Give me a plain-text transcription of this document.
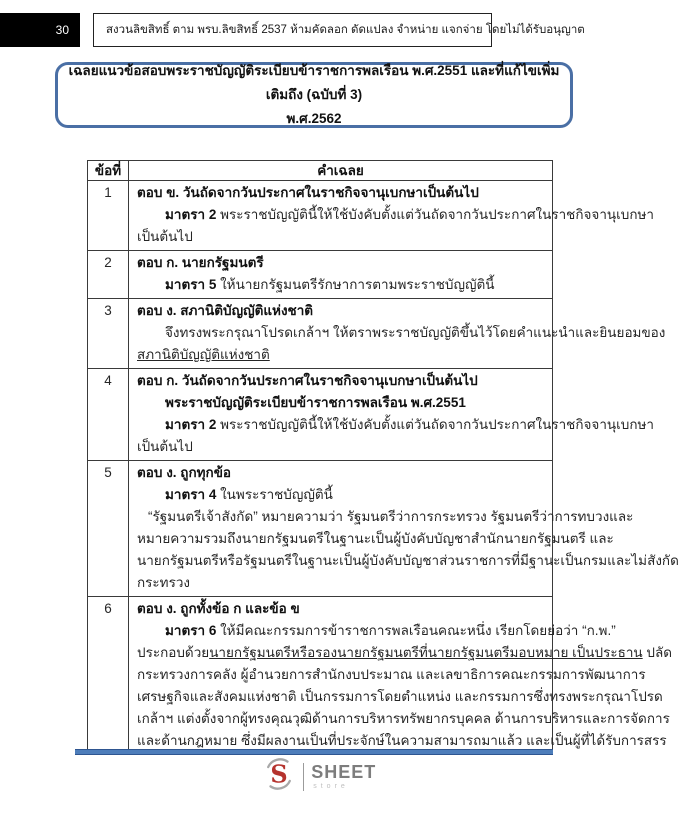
30	สงวนลิขสิทธิ์ ตาม พรบ.ลิขสิทธิ์ 2537 ห้ามคัดลอก ดัดแปลง จำหน่าย แจกจ่าย โดยไม่ได้รับอนุญาต
เฉลยแนวข้อสอบพระราชบัญญัติระเบียบข้าราชการพลเรือน พ.ศ.2551 และที่แก้ไขเพิ่มเติมถึง (ฉบับที่ 3)
พ.ศ.2562
ข้อที่	คำเฉลย
1	ตอบ ข. วันถัดจากวันประกาศในราชกิจจานุเบกษาเป็นต้นไป
มาตรา 2 พระราชบัญญัตินี้ให้ใช้บังคับตั้งแต่วันถัดจากวันประกาศในราชกิจจานุเบกษา
เป็นต้นไป

2	ตอบ ก. นายกรัฐมนตรี
มาตรา 5 ให้นายกรัฐมนตรีรักษาการตามพระราชบัญญัตินี้

3	ตอบ ง. สภานิติบัญญัติแห่งชาติ
จึงทรงพระกรุณาโปรดเกล้าฯ ให้ตราพระราชบัญญัติขึ้นไว้โดยคำแนะนำและยินยอมของ
สภานิติบัญญัติแห่งชาติ

4	ตอบ ก. วันถัดจากวันประกาศในราชกิจจานุเบกษาเป็นต้นไป
พระราชบัญญัติระเบียบข้าราชการพลเรือน พ.ศ.2551
มาตรา 2 พระราชบัญญัตินี้ให้ใช้บังคับตั้งแต่วันถัดจากวันประกาศในราชกิจจานุเบกษา
เป็นต้นไป

5	ตอบ ง. ถูกทุกข้อ
มาตรา 4 ในพระราชบัญญัตินี้
“รัฐมนตรีเจ้าสังกัด” หมายความว่า รัฐมนตรีว่าการกระทรวง รัฐมนตรีว่าการทบวงและ
หมายความรวมถึงนายกรัฐมนตรีในฐานะเป็นผู้บังคับบัญชาสำนักนายกรัฐมนตรี และ
นายกรัฐมนตรีหรือรัฐมนตรีในฐานะเป็นผู้บังคับบัญชาส่วนราชการที่มีฐานะเป็นกรมและไม่สังกัด
กระทรวง

6	ตอบ ง. ถูกทั้งข้อ ก และข้อ ข
มาตรา 6 ให้มีคณะกรรมการข้าราชการพลเรือนคณะหนึ่ง เรียกโดยย่อว่า “ก.พ.”
ประกอบด้วยนายกรัฐมนตรีหรือรองนายกรัฐมนตรีที่นายกรัฐมนตรีมอบหมาย เป็นประธาน ปลัด
กระทรวงการคลัง ผู้อำนวยการสำนักงบประมาณ และเลขาธิการคณะกรรมการพัฒนาการ
เศรษฐกิจและสังคมแห่งชาติ เป็นกรรมการโดยตำแหน่ง และกรรมการซึ่งทรงพระกรุณาโปรด
เกล้าฯ แต่งตั้งจากผู้ทรงคุณวุฒิด้านการบริหารทรัพยากรบุคคล ด้านการบริหารและการจัดการ
และด้านกฎหมาย ซึ่งมีผลงานเป็นที่ประจักษ์ในความสามารถมาแล้ว และเป็นผู้ที่ได้รับการสรร
S SHEET
store
